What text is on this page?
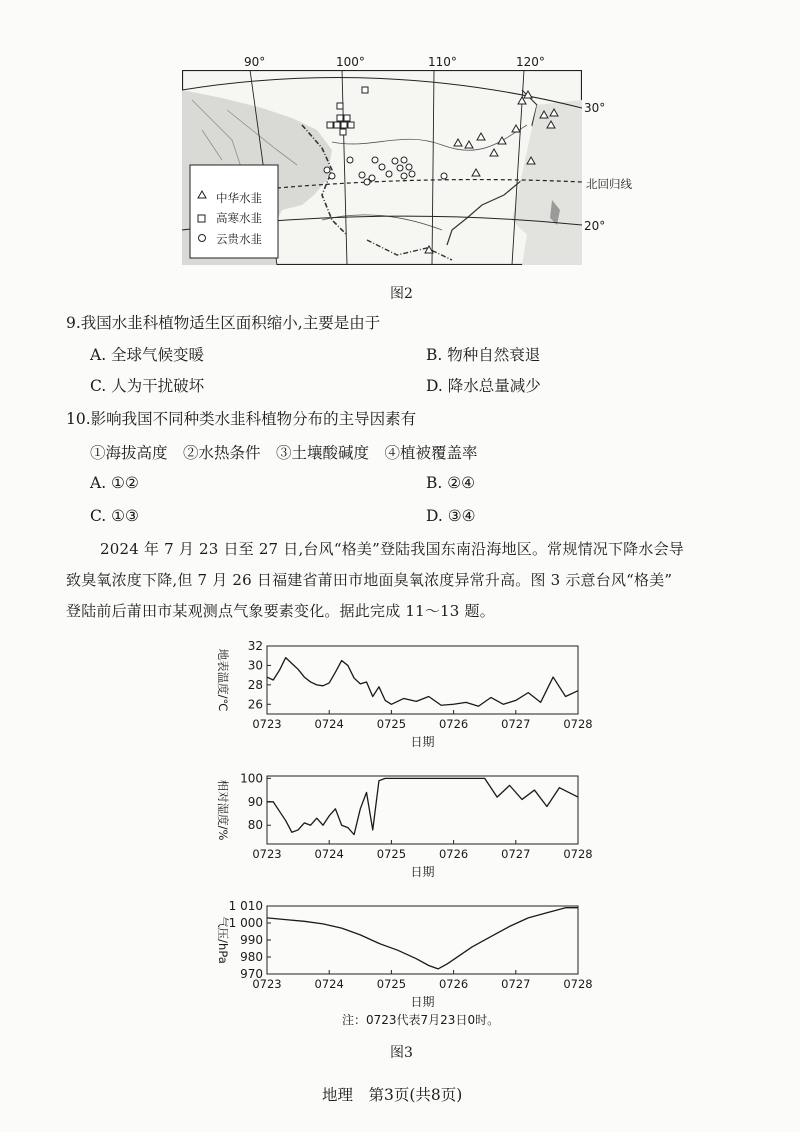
90°	100°	110°	120°
中华水韭
高寒水韭
云贵水韭
30°
北回归线
20°
图2
9.我国水韭科植物适生区面积缩小,主要是由于
A. 全球气候变暖	B. 物种自然衰退
C. 人为干扰破坏	D. 降水总量减少
10.影响我国不同种类水韭科植物分布的主导因素有
①海拔高度　②水热条件　③土壤酸碱度　④植被覆盖率
A. ①②	B. ②④
C. ①③	D. ③④
2024 年 7 月 23 日至 27 日,台风“格美”登陆我国东南沿海地区。常规情况下降水会导
致臭氧浓度下降,但 7 月 26 日福建省莆田市地面臭氧浓度异常升高。图 3 示意台风“格美”
登陆前后莆田市某观测点气象要素变化。据此完成 11～13 题。
32
30
28
26
0723	0724	0725	0726	0727	0728
日期
地表温度/℃
100
90
80
0723	0724	0725	0726	0727	0728
日期
相对湿度/%
1 010
1 000
990
980
970
0723	0724	0725	0726	0727	0728
日期
气压/hPa
注：0723代表7月23日0时。
图3
地理　第3页(共8页)
